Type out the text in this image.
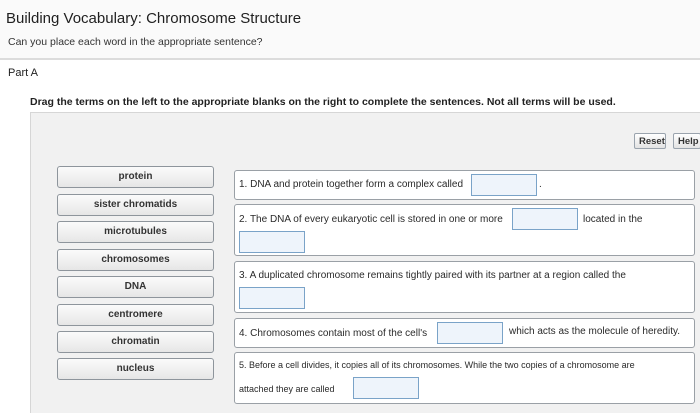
Building Vocabulary: Chromosome Structure
Can you place each word in the appropriate sentence?
Part A
Drag the terms on the left to the appropriate blanks on the right to complete the sentences. Not all terms will be used.
Reset	Help
protein
sister chromatids
microtubules
chromosomes
DNA
centromere
chromatin
nucleus
1. DNA and protein together form a complex called	.
2. The DNA of every eukaryotic cell is stored in one or more	located in the
3. A duplicated chromosome remains tightly paired with its partner at a region called the
4. Chromosomes contain most of the cell's	which acts as the molecule of heredity.
5. Before a cell divides, it copies all of its chromosomes. While the two copies of a chromosome are
attached they are called
